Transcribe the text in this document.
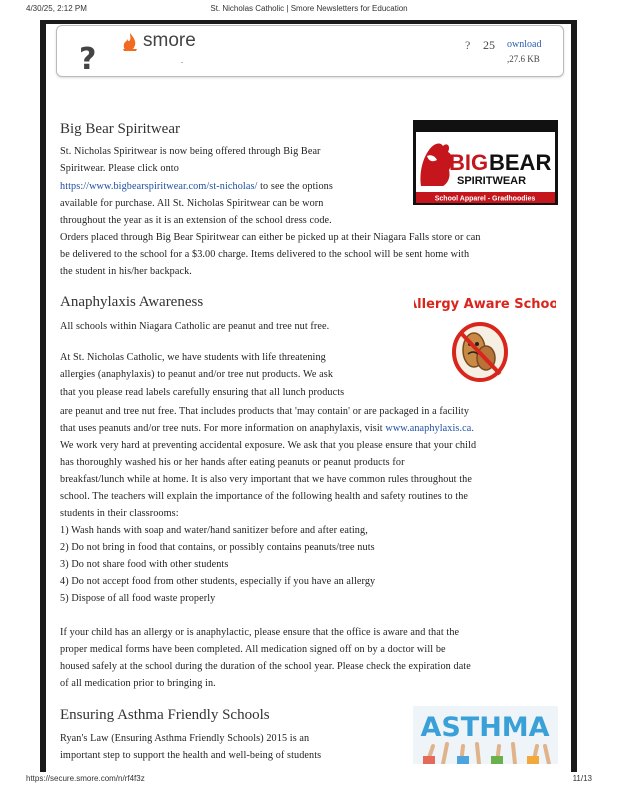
4/30/25, 2:12 PM	St. Nicholas Catholic | Smore Newsletters for Education
?
smore
.
? 25 ownload
,27.6 KB
Big Bear Spiritwear
BIG BEAR
SPIRITWEAR
School Apparel - Gradhoodies

St. Nicholas Spiritwear is now being offered through Big Bear

Spiritwear. Please click onto

https://www.bigbearspiritwear.com/st-nicholas/ to see the options

available for purchase. All St. Nicholas Spiritwear can be worn

throughout the year as it is an extension of the school dress code.

Orders placed through Big Bear Spiritwear can either be picked up at their Niagara Falls store or can

be delivered to the school for a $3.00 charge. Items delivered to the school will be sent home with

the student in his/her backpack.

Anaphylaxis Awareness	Allergy Aware School

All schools within Niagara Catholic are peanut and tree nut free.

At St. Nicholas Catholic, we have students with life threatening

allergies (anaphylaxis) to peanut and/or tree nut products. We ask

that you please read labels carefully ensuring that all lunch products

are peanut and tree nut free. That includes products that 'may contain' or are packaged in a facility

that uses peanuts and/or tree nuts. For more information on anaphylaxis, visit www.anaphylaxis.ca.

We work very hard at preventing accidental exposure. We ask that you please ensure that your child

has thoroughly washed his or her hands after eating peanuts or peanut products for

breakfast/lunch while at home. It is also very important that we have common rules throughout the

school. The teachers will explain the importance of the following health and safety routines to the

students in their classrooms:

1) Wash hands with soap and water/hand sanitizer before and after eating,

2) Do not bring in food that contains, or possibly contains peanuts/tree nuts

3) Do not share food with other students

4) Do not accept food from other students, especially if you have an allergy

5) Dispose of all food waste properly

If your child has an allergy or is anaphylactic, please ensure that the office is aware and that the

proper medical forms have been completed. All medication signed off on by a doctor will be

housed safely at the school during the duration of the school year. Please check the expiration date

of all medication prior to bringing in.

Ensuring Asthma Friendly Schools	ASTHMA

Ryan's Law (Ensuring Asthma Friendly Schools) 2015 is an

important step to support the health and well-being of students

https://secure.smore.com/n/rf4f3z	11/13
